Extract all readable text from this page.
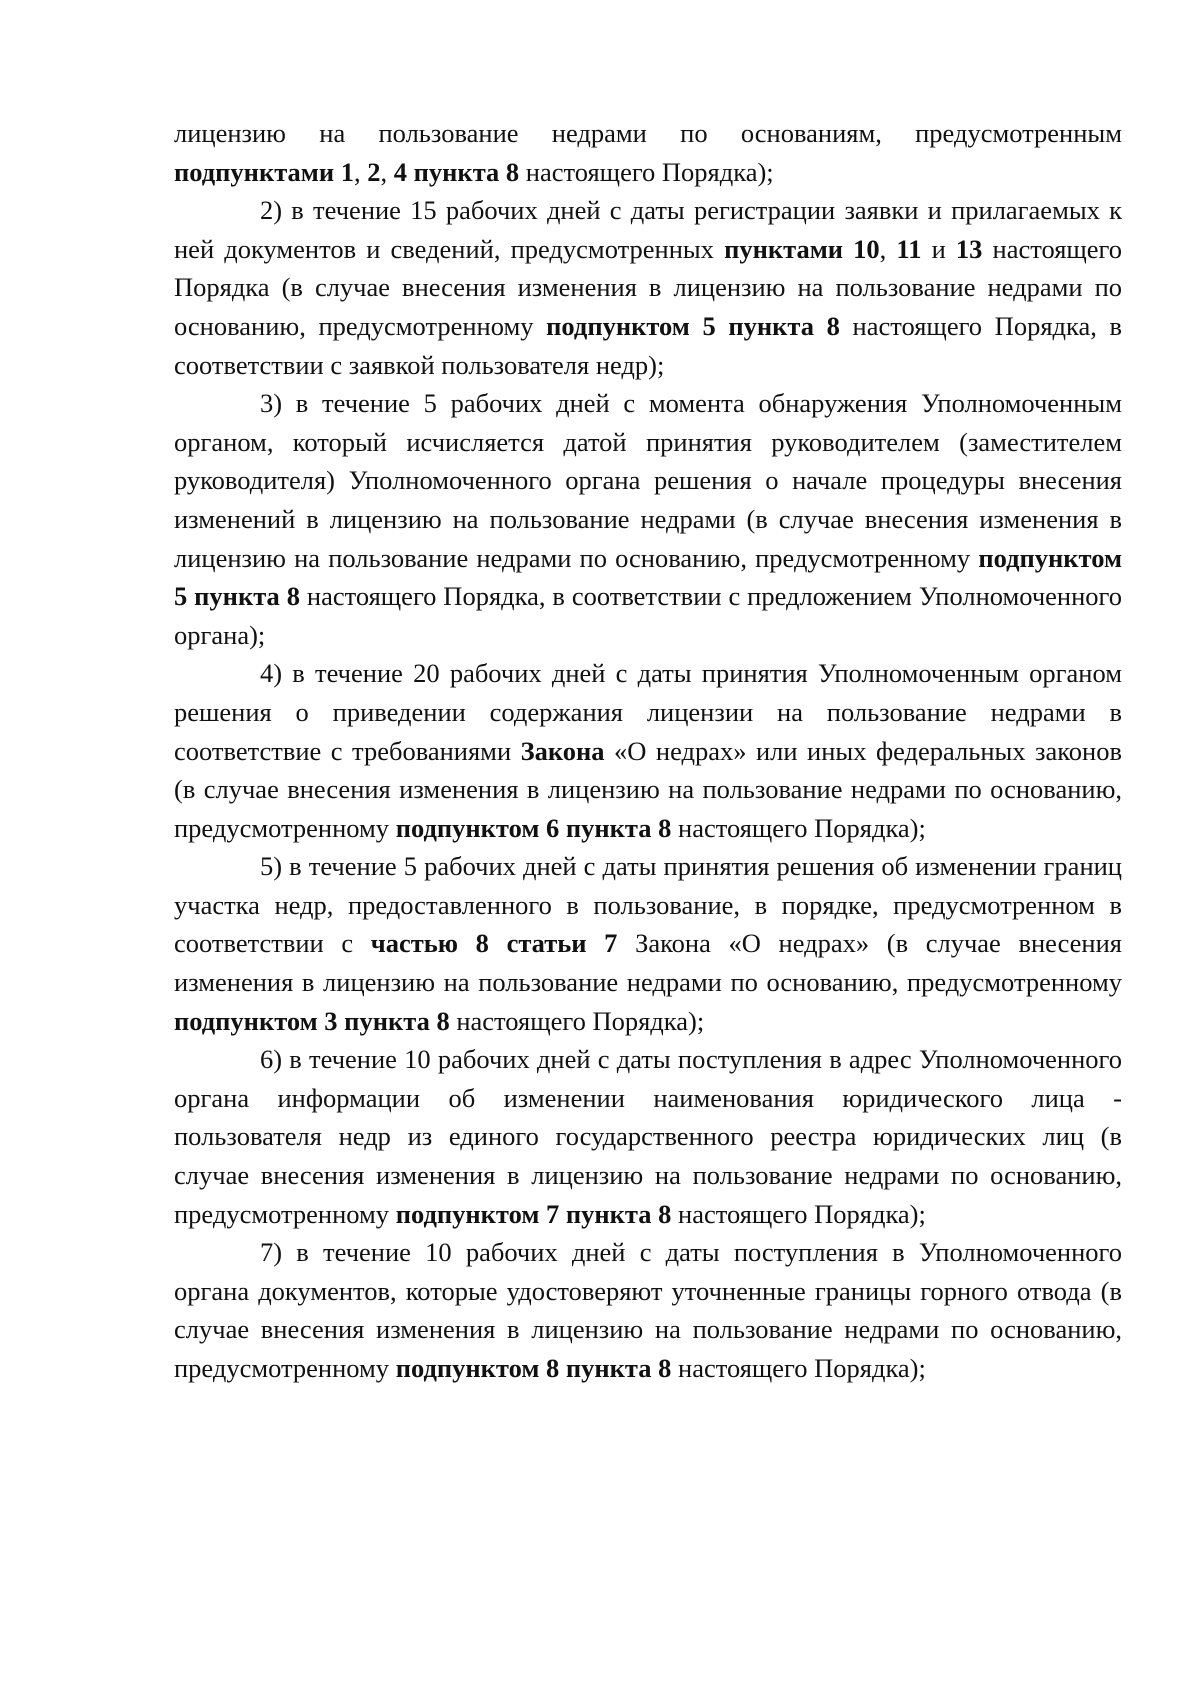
лицензию на пользование недрами по основаниям, предусмотренным подпунктами 1, 2, 4 пункта 8 настоящего Порядка);

2) в течение 15 рабочих дней с даты регистрации заявки и прилагаемых к ней документов и сведений, предусмотренных пунктами 10, 11 и 13 настоящего Порядка (в случае внесения изменения в лицензию на пользование недрами по основанию, предусмотренному подпунктом 5 пункта 8 настоящего Порядка, в соответствии с заявкой пользователя недр);

3) в течение 5 рабочих дней с момента обнаружения Уполномоченным органом, который исчисляется датой принятия руководителем (заместителем руководителя) Уполномоченного органа решения о начале процедуры внесения изменений в лицензию на пользование недрами (в случае внесения изменения в лицензию на пользование недрами по основанию, предусмотренному подпунктом 5 пункта 8 настоящего Порядка, в соответствии с предложением Уполномоченного органа);

4) в течение 20 рабочих дней с даты принятия Уполномоченным органом решения о приведении содержания лицензии на пользование недрами в соответствие с требованиями Закона «О недрах» или иных федеральных законов (в случае внесения изменения в лицензию на пользование недрами по основанию, предусмотренному подпунктом 6 пункта 8 настоящего Порядка);

5) в течение 5 рабочих дней с даты принятия решения об изменении границ участка недр, предоставленного в пользование, в порядке, предусмотренном в соответствии с частью 8 статьи 7 Закона «О недрах» (в случае внесения изменения в лицензию на пользование недрами по основанию, предусмотренному подпунктом 3 пункта 8 настоящего Порядка);

6) в течение 10 рабочих дней с даты поступления в адрес Уполномоченного органа информации об изменении наименования юридического лица - пользователя недр из единого государственного реестра юридических лиц (в случае внесения изменения в лицензию на пользование недрами по основанию, предусмотренному подпунктом 7 пункта 8 настоящего Порядка);

7) в течение 10 рабочих дней с даты поступления в Уполномоченного органа документов, которые удостоверяют уточненные границы горного отвода (в случае внесения изменения в лицензию на пользование недрами по основанию, предусмотренному подпунктом 8 пункта 8 настоящего Порядка);
